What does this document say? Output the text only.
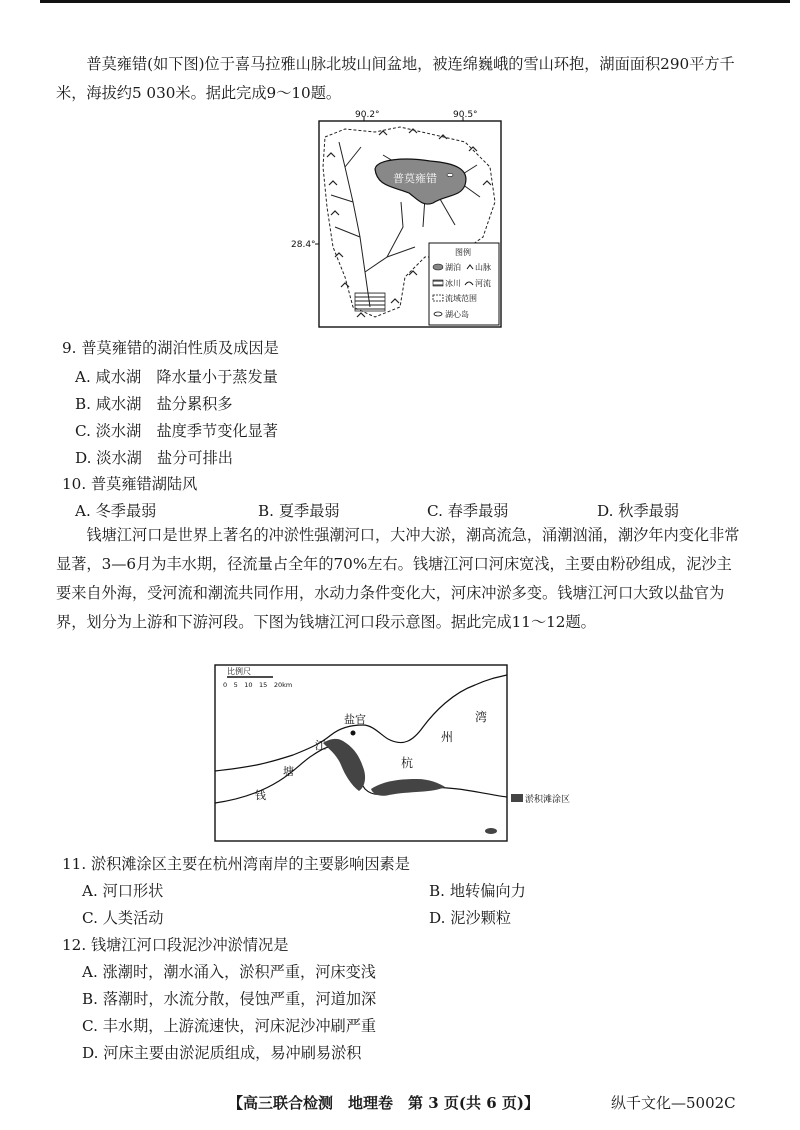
普莫雍错(如下图)位于喜马拉雅山脉北坡山间盆地，被连绵巍峨的雪山环抱，湖面面积290平方千米，海拔约5 030米。据此完成9～10题。

90.2°	90.5°
28.4°
普莫雍错
图例
湖泊 山脉
冰川 河流
流域范围
湖心岛
9. 普莫雍错的湖泊性质及成因是
A. 咸水湖　降水量小于蒸发量
B. 咸水湖　盐分累积多
C. 淡水湖　盐度季节变化显著
D. 淡水湖　盐分可排出
10. 普莫雍错湖陆风
A. 冬季最弱	B. 夏季最弱	C. 春季最弱	D. 秋季最弱

钱塘江河口是世界上著名的冲淤性强潮河口，大冲大淤，潮高流急，涌潮汹涌，潮汐年内变化非常显著，3—6月为丰水期，径流量占全年的70%左右。钱塘江河口河床宽浅，主要由粉砂组成，泥沙主要来自外海，受河流和潮流共同作用，水动力条件变化大，河床冲淤多变。钱塘江河口大致以盐官为界，划分为上游和下游河段。下图为钱塘江河口段示意图。据此完成11～12题。

比例尺
0　5　10　15　20km
盐官
钱
塘
江
杭
州
湾
淤积滩涂区
11. 淤积滩涂区主要在杭州湾南岸的主要影响因素是
A. 河口形状	B. 地转偏向力
C. 人类活动	D. 泥沙颗粒
12. 钱塘江河口段泥沙冲淤情况是
A. 涨潮时，潮水涌入，淤积严重，河床变浅
B. 落潮时，水流分散，侵蚀严重，河道加深
C. 丰水期，上游流速快，河床泥沙冲刷严重
D. 河床主要由淤泥质组成，易冲刷易淤积
【高三联合检测　地理卷　第 3 页(共 6 页)】	纵千文化—5002C
